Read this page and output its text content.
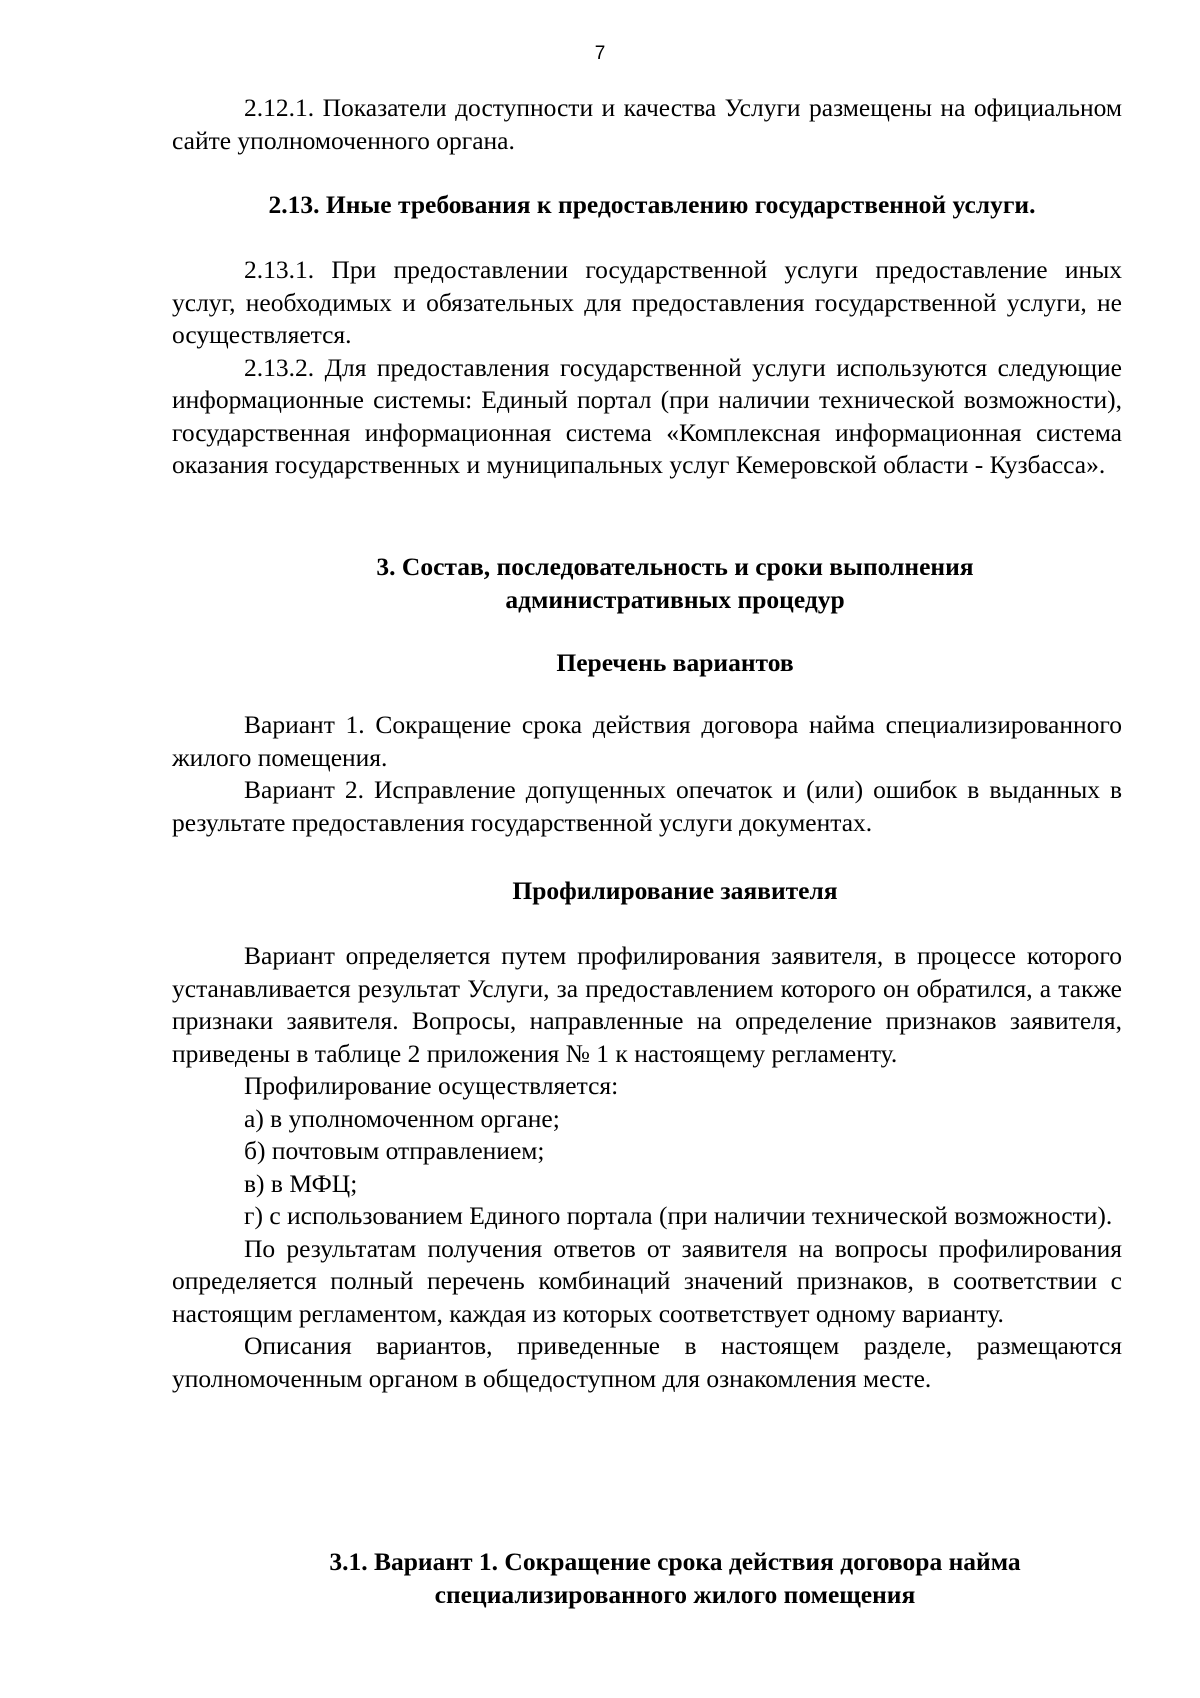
7

2.12.1. Показатели доступности и качества Услуги размещены на официальном сайте уполномоченного органа.

2.13. Иные требования к предоставлению государственной услуги.

2.13.1. При предоставлении государственной услуги предоставление иных услуг, необходимых и обязательных для предоставления государственной услуги, не осуществляется.

2.13.2. Для предоставления государственной услуги используются следующие информационные системы: Единый портал (при наличии технической возможности), государственная информационная система «Комплексная информационная система оказания государственных и муниципальных услуг Кемеровской области - Кузбасса».

3. Состав, последовательность и сроки выполнения
административных процедур
Перечень вариантов

Вариант 1. Сокращение срока действия договора найма специализированного жилого помещения.

Вариант 2. Исправление допущенных опечаток и (или) ошибок в выданных в результате предоставления государственной услуги документах.

Профилирование заявителя

Вариант определяется путем профилирования заявителя, в процессе которого устанавливается результат Услуги, за предоставлением которого он обратился, а также признаки заявителя. Вопросы, направленные на определение признаков заявителя, приведены в таблице 2 приложения № 1 к настоящему регламенту.

Профилирование осуществляется:

а) в уполномоченном органе;

б) почтовым отправлением;

в) в МФЦ;

г) с использованием Единого портала (при наличии технической возможности).

По результатам получения ответов от заявителя на вопросы профилирования определяется полный перечень комбинаций значений признаков, в соответствии с настоящим регламентом, каждая из которых соответствует одному варианту.

Описания вариантов, приведенные в настоящем разделе, размещаются уполномоченным органом в общедоступном для ознакомления месте.

3.1. Вариант 1. Сокращение срока действия договора найма
специализированного жилого помещения
